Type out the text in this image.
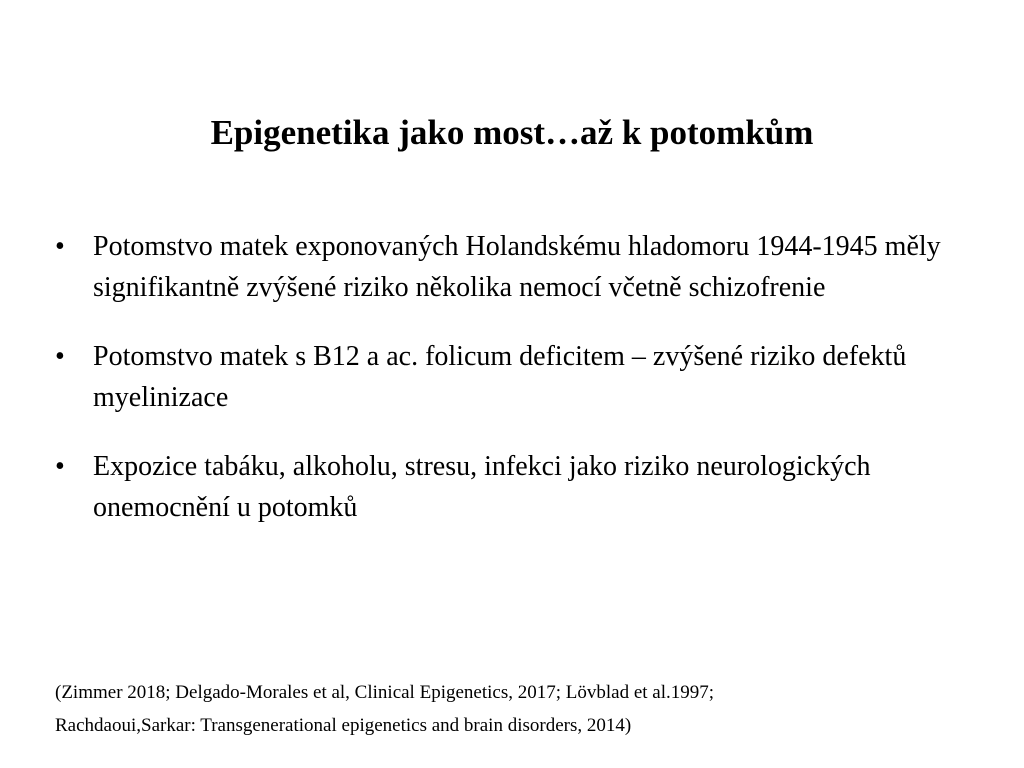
Epigenetika jako most…až k potomkům
•	Potomstvo matek exponovaných Holandskému hladomoru 1944-1945 měly signifikantně zvýšené riziko několika nemocí včetně schizofrenie
•	Potomstvo matek s B12 a ac. folicum deficitem – zvýšené riziko defektů myelinizace
•	Expozice tabáku, alkoholu, stresu, infekci jako riziko neurologických onemocnění u potomků
(Zimmer 2018; Delgado-Morales et al, Clinical Epigenetics, 2017; Lövblad et al.1997;
Rachdaoui,Sarkar: Transgenerational epigenetics and brain disorders, 2014)
